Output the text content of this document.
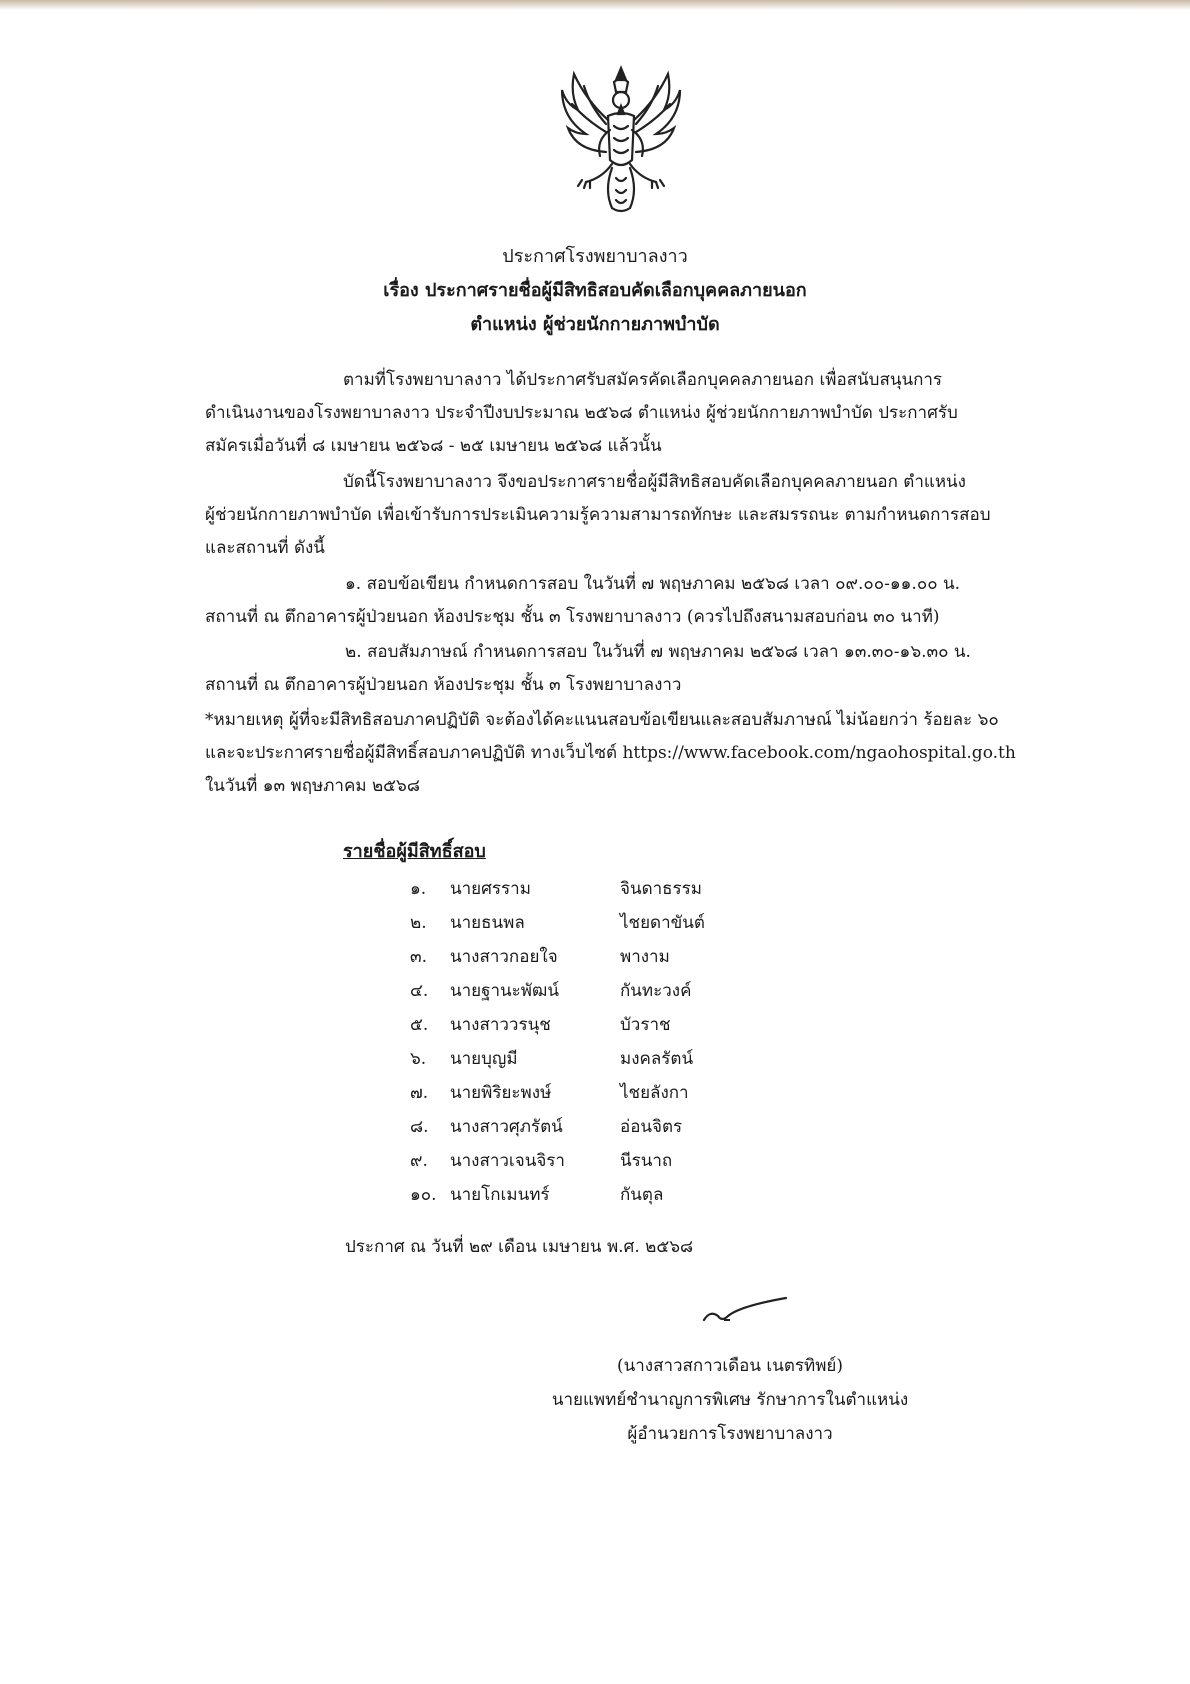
ประกาศโรงพยาบาลงาว
เรื่อง ประกาศรายชื่อผู้มีสิทธิสอบคัดเลือกบุคคลภายนอก
ตำแหน่ง ผู้ช่วยนักกายภาพบำบัด

ตามที่โรงพยาบาลงาว ได้ประกาศรับสมัครคัดเลือกบุคคลภายนอก เพื่อสนับสนุนการ

ดำเนินงานของโรงพยาบาลงาว ประจำปีงบประมาณ ๒๕๖๘ ตำแหน่ง ผู้ช่วยนักกายภาพบำบัด ประกาศรับ

สมัครเมื่อวันที่ ๘ เมษายน ๒๕๖๘ - ๒๕ เมษายน ๒๕๖๘ แล้วนั้น

บัดนี้โรงพยาบาลงาว จึงขอประกาศรายชื่อผู้มีสิทธิสอบคัดเลือกบุคคลภายนอก ตำแหน่ง

ผู้ช่วยนักกายภาพบำบัด เพื่อเข้ารับการประเมินความรู้ความสามารถทักษะ และสมรรถนะ ตามกำหนดการสอบ

และสถานที่ ดังนี้

๑. สอบข้อเขียน กำหนดการสอบ ในวันที่ ๗ พฤษภาคม ๒๕๖๘ เวลา ๐๙.๐๐-๑๑.๐๐ น.

สถานที่ ณ ตึกอาคารผู้ป่วยนอก ห้องประชุม ชั้น ๓ โรงพยาบาลงาว (ควรไปถึงสนามสอบก่อน ๓๐ นาที)

๒. สอบสัมภาษณ์ กำหนดการสอบ ในวันที่ ๗ พฤษภาคม ๒๕๖๘ เวลา ๑๓.๓๐-๑๖.๓๐ น.

สถานที่ ณ ตึกอาคารผู้ป่วยนอก ห้องประชุม ชั้น ๓ โรงพยาบาลงาว

*หมายเหตุ ผู้ที่จะมีสิทธิสอบภาคปฏิบัติ จะต้องได้คะแนนสอบข้อเขียนและสอบสัมภาษณ์ ไม่น้อยกว่า ร้อยละ ๖๐

และจะประกาศรายชื่อผู้มีสิทธิ์สอบภาคปฏิบัติ ทางเว็บไซต์ https://www.facebook.com/ngaohospital.go.th

ในวันที่ ๑๓ พฤษภาคม ๒๕๖๘

รายชื่อผู้มีสิทธิ์สอบ
๑.	นายศรราม	จินดาธรรม
๒.	นายธนพล	ไชยดาขันต์
๓.	นางสาวกอยใจ	พางาม
๔.	นายฐานะพัฒน์	กันทะวงค์
๕.	นางสาววรนุช	บัวราช
๖.	นายบุญมี	มงคลรัตน์
๗.	นายพิริยะพงษ์	ไชยลังกา
๘.	นางสาวศุภรัตน์	อ่อนจิตร
๙.	นางสาวเจนจิรา	นีรนาถ
๑๐. นายโกเมนทร์	กันตุล
ประกาศ ณ วันที่ ๒๙ เดือน เมษายน พ.ศ. ๒๕๖๘
(นางสาวสกาวเดือน เนตรทิพย์)
นายแพทย์ชำนาญการพิเศษ รักษาการในตำแหน่ง
ผู้อำนวยการโรงพยาบาลงาว
